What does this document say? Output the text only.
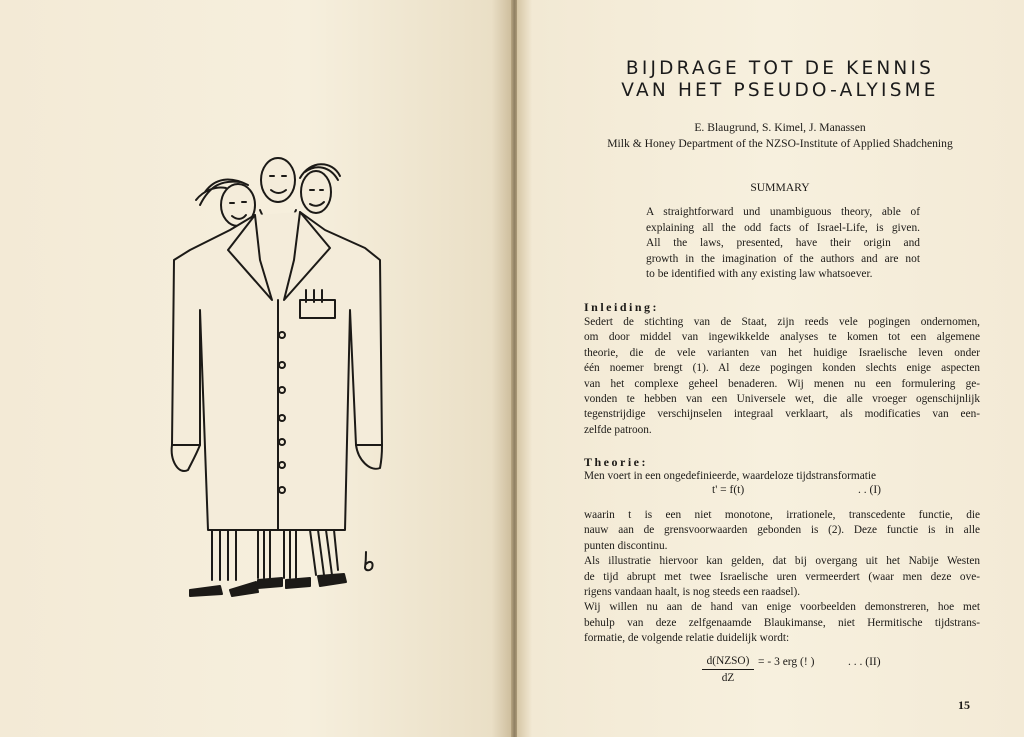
BIJDRAGE TOT DE KENNIS
VAN HET PSEUDO-ALYISME
E. Blaugrund, S. Kimel, J. Manassen
Milk & Honey Department of the NZSO-Institute of Applied Shadchening
SUMMARY
A straightforward und unambiguous theory, able of
explaining all the odd facts of Israel-Life, is given.
All the laws, presented, have their origin and
growth in the imagination of the authors and are not
to be identified with any existing law whatsoever.
Inleiding:
Sedert de stichting van de Staat, zijn reeds vele pogingen ondernomen,
om door middel van ingewikkelde analyses te komen tot een algemene
theorie, die de vele varianten van het huidige Israelische leven onder
één noemer brengt (1). Al deze pogingen konden slechts enige aspecten
van het complexe geheel benaderen. Wij menen nu een formulering ge-
vonden te hebben van een Universele wet, die alle vroeger ogenschijnlijk
tegenstrijdige verschijnselen integraal verklaart, als modificaties van een-
zelfde patroon.
Theorie:
Men voert in een ongedefinieerde, waardeloze tijdstransformatie
t' = f(t)	. . (I)
waarin t is een niet monotone, irrationele, transcedente functie, die
nauw aan de grensvoorwaarden gebonden is (2). Deze functie is in alle
punten discontinu.
Als illustratie hiervoor kan gelden, dat bij overgang uit het Nabije Westen
de tijd abrupt met twee Israelische uren vermeerdert (waar men deze ove-
rigens vandaan haalt, is nog steeds een raadsel).
Wij willen nu aan de hand van enige voorbeelden demonstreren, hoe met
behulp van deze zelfgenaamde Blaukimanse, niet Hermitische tijdstrans-
formatie, de volgende relatie duidelijk wordt:
d(NZSO)
dZ
= - 3 erg (! )	. . . (II)
15
